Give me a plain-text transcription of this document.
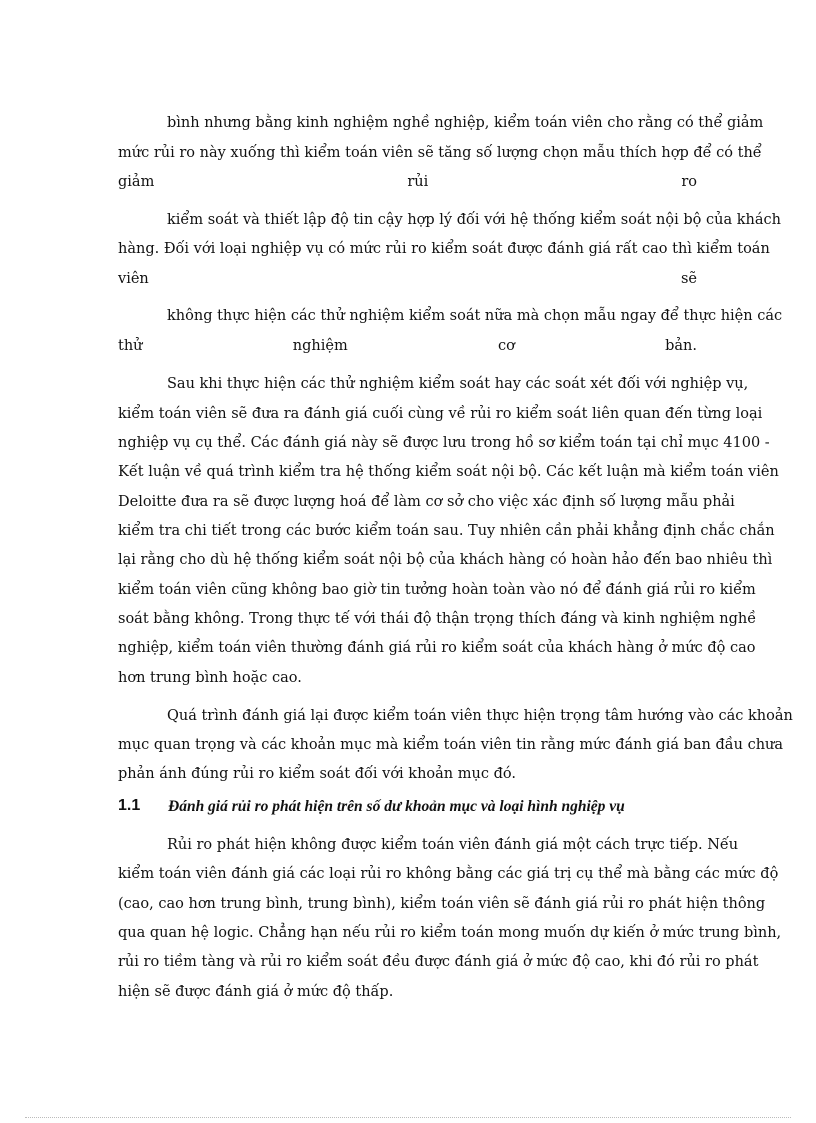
bình nhưng bằng kinh nghiệm nghề nghiệp, kiểm toán viên cho rằng có thể giảm

mức rủi ro này xuống thì kiểm toán viên sẽ tăng số lượng chọn mẫu thích hợp để có thể

giảm rủi ro

kiểm soát và thiết lập độ tin cậy hợp lý đối với hệ thống kiểm soát nội bộ của khách

hàng. Đối với loại nghiệp vụ có mức rủi ro kiểm soát được đánh giá rất cao thì kiểm toán

viên sẽ

không thực hiện các thử nghiệm kiểm soát nữa mà chọn mẫu ngay để thực hiện các

thử nghiệm cơ bản.

Sau khi thực hiện các thử nghiệm kiểm soát hay các soát xét đối với nghiệp vụ,

kiểm toán viên sẽ đưa ra đánh giá cuối cùng về rủi ro kiểm soát liên quan đến từng loại

nghiệp vụ cụ thể. Các đánh giá này sẽ được lưu trong hồ sơ kiểm toán tại chỉ mục 4100 -

Kết luận về quá trình kiểm tra hệ thống kiểm soát nội bộ. Các kết luận mà kiểm toán viên

Deloitte đưa ra sẽ được lượng hoá để làm cơ sở cho việc xác định số lượng mẫu phải

kiểm tra chi tiết trong các bước kiểm toán sau. Tuy nhiên cần phải khẳng định chắc chắn

lại rằng cho dù hệ thống kiểm soát nội bộ của khách hàng có hoàn hảo đến bao nhiêu thì

kiểm toán viên cũng không bao giờ tin tưởng hoàn toàn vào nó để đánh giá rủi ro kiểm

soát bằng không. Trong thực tế với thái độ thận trọng thích đáng và kinh nghiệm nghề

nghiệp, kiểm toán viên thường đánh giá rủi ro kiểm soát của khách hàng ở mức độ cao

hơn trung bình hoặc cao.

Quá trình đánh giá lại được kiểm toán viên thực hiện trọng tâm hướng vào các khoản

mục quan trọng và các khoản mục mà kiểm toán viên tin rằng mức đánh giá ban đầu chưa

phản ánh đúng rủi ro kiểm soát đối với khoản mục đó.

1.1 Đánh giá rủi ro phát hiện trên số dư khoản mục và loại hình nghiệp vụ

Rủi ro phát hiện không được kiểm toán viên đánh giá một cách trực tiếp. Nếu

kiểm toán viên đánh giá các loại rủi ro không bằng các giá trị cụ thể mà bằng các mức độ

(cao, cao hơn trung bình, trung bình), kiểm toán viên sẽ đánh giá rủi ro phát hiện thông

qua quan hệ logic. Chẳng hạn nếu rủi ro kiểm toán mong muốn dự kiến ở mức trung bình,

rủi ro tiềm tàng và rủi ro kiểm soát đều được đánh giá ở mức độ cao, khi đó rủi ro phát

hiện sẽ được đánh giá ở mức độ thấp.
